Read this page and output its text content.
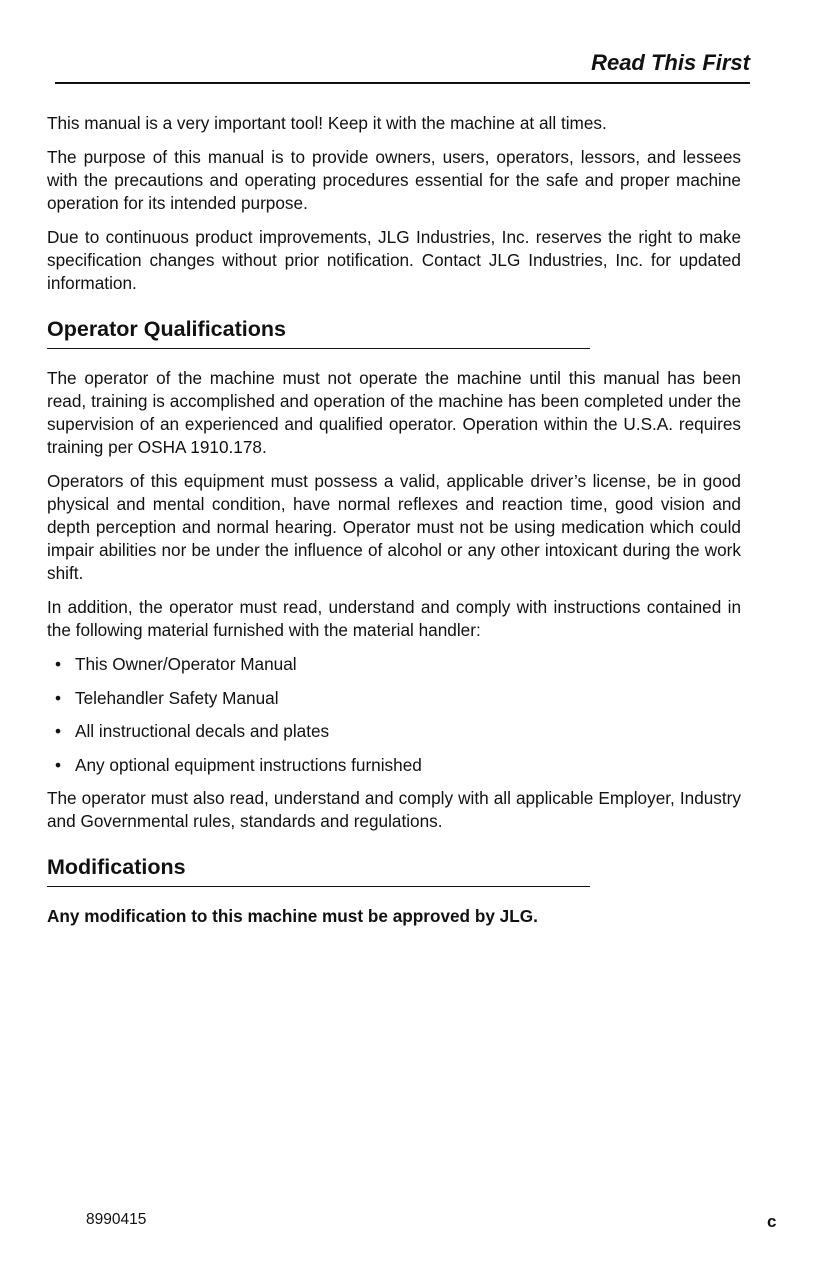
Read This First

This manual is a very important tool! Keep it with the machine at all times.

The purpose of this manual is to provide owners, users, operators, lessors, and lessees with the precautions and operating procedures essential for the safe and proper machine operation for its intended purpose.

Due to continuous product improvements, JLG Industries, Inc. reserves the right to make specification changes without prior notification. Contact JLG Industries, Inc. for updated information.

Operator Qualifications

The operator of the machine must not operate the machine until this manual has been read, training is accomplished and operation of the machine has been completed under the supervision of an experienced and qualified operator. Operation within the U.S.A. requires training per OSHA 1910.178.

Operators of this equipment must possess a valid, applicable driver’s license, be in good physical and mental condition, have normal reflexes and reaction time, good vision and depth perception and normal hearing. Operator must not be using medication which could impair abilities nor be under the influence of alcohol or any other intoxicant during the work shift.

In addition, the operator must read, understand and comply with instructions contained in the following material furnished with the material handler:

• This Owner/Operator Manual
• Telehandler Safety Manual
• All instructional decals and plates
• Any optional equipment instructions furnished

The operator must also read, understand and comply with all applicable Employer, Industry and Governmental rules, standards and regulations.

Modifications

Any modification to this machine must be approved by JLG.

8990415	c
